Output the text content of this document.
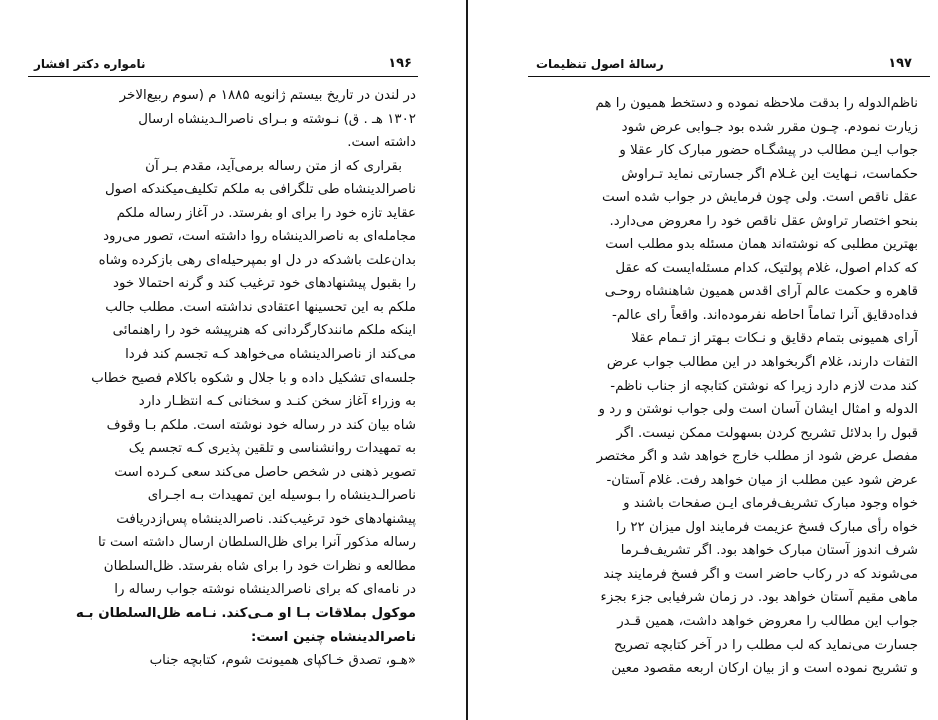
۱۹۶
نامواره دکتر افشار
در لندن در تاریخ بیستم ژانویه ۱۸۸۵ م (سوم ربیع‌الاخر
۱۳۰۲ هـ . ق) نـوشته و بـرای ناصرالـدینشاه ارسال
داشته است.
بقراری که از متن رساله برمی‌آید، مقدم بـر آن
ناصرالدینشاه طی تلگرافی به ملکم تکلیف‌میکندکه اصول
عقاید تازه خود را برای او بفرستد. در آغاز رساله ملکم
مجامله‌ای به ناصرالدینشاه روا داشته است، تصور می‌رود
بدان‌علت باشدکه در دل او بمپرحیله‌ای رهی بازکرده وشاه
را بقبول پیشنهادهای خود ترغیب کند و گرنه احتمالا خود
ملکم به این تحسینها اعتقادی نداشته است. مطلب جالب
اینکه ملکم مانندکارگردانی که هنرپیشه خود را راهنمائی
می‌کند از ناصرالدینشاه می‌خواهد کـه تجسم کند فردا
جلسه‌ای تشکیل داده و با جلال و شکوه باکلام فصیح خطاب
به وزراء آغاز سخن کنـد و سخنانی کـه انتظـار دارد
شاه بیان کند در رساله خود نوشته است. ملکم بـا وقوف
به تمهیدات روانشناسی و تلقین پذیری کـه تجسم یک
تصویر ذهنی در شخص حاصل می‌کند سعی کـرده است
ناصرالـدینشاه را بـوسیله این تمهیدات بـه اجـرای
پیشنهادهای خود ترغیب‌کند. ناصرالدینشاه پس‌از‌دریافت
رساله مذکور آنرا برای ظل‌السلطان ارسال داشته است تا
مطالعه و نظرات خود را برای شاه بفرستد. ظل‌السلطان
در نامه‌ای که برای ناصرالدینشاه نوشته جواب رساله را
موکول بملاقات بـا او مـی‌کند. نـامه ظل‌السلطان بـه
ناصرالدینشاه چنین است:
«هـو، تصدق خـاکپای همیونت شوم، کتابچه جناب
۱۹۷
رسالهٔ اصول تنظیمات
ناظم‌الدوله را بدقت ملاحظه نموده و دستخط همیون را هم
زیارت نمودم. چـون مقرر شده بود جـوابی عرض شود
جواب ایـن مطالب در پیشگـاه حضور مبارک کار عقلا و
حکماست، نـهایت این غـلام اگر جسارتی نماید تـراوش
عقل ناقص است. ولی چون فرمایش در جواب شده است
بنحو اختصار تراوش عقل ناقص خود را معروض می‌دارد.
بهترین مطلبی که نوشته‌اند همان مسئله بدو مطلب است
که کدام اصول، غلام پولتیک، کدام مسئله‌ایست که عقل
قاهره و حکمت عالم آرای اقدس همیون شاهنشاه روحـی
فداه‌دقایق آنرا تماماً احاطه نفرموده‌اند. واقعاً رای عالم-
آرای همیونی بتمام دقایق و نـکات بـهتر از تـمام عقلا
التفات دارند، غلام اگربخواهد در این مطالب جواب عرض
کند مدت لازم دارد زیرا که نوشتن کتابچه از جناب ناظم-
الدوله و امثال ایشان آسان است ولی جواب نوشتن و رد و
قبول را بدلائل تشریح کردن بسهولت ممکن نیست. اگر
مفصل عرض شود از مطلب خارج خواهد شد و اگر مختصر
عرض شود عین مطلب از میان خواهد رفت. غلام آستان-
خواه وجود مبارک تشریف‌فرمای ایـن صفحات باشند و
خواه رأی مبارک فسخ عزیمت فرمایند اول میزان ۲۲ را
شرف اندوز آستان مبارک خواهد بود. اگر تشریف‌فـرما
می‌شوند که در رکاب حاضر است و اگر فسخ فرمایند چند
ماهی مقیم آستان خواهد بود. در زمان شرفیابی جزء بجزء
جواب این مطالب را معروض خواهد داشت، همین قـدر
جسارت می‌نماید که لب مطلب را در آخر کتابچه تصریح
و تشریح نموده است و از بیان ارکان اربعه مقصود معین
